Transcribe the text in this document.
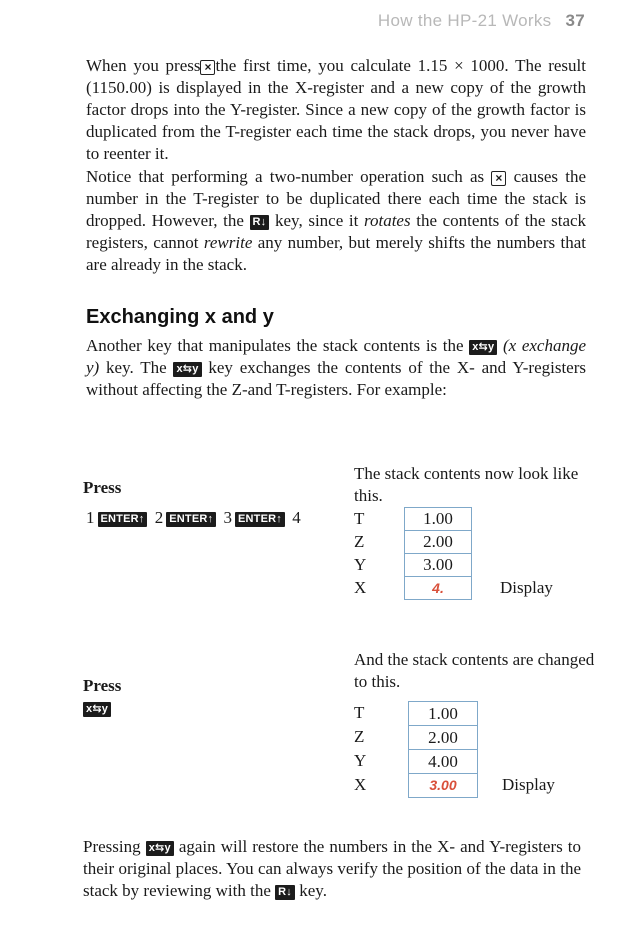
How the HP-21 Works 37

When you press × the first time, you calculate 1.15 × 1000. The result (1150.00) is displayed in the X-register and a new copy of the growth factor drops into the Y-register. Since a new copy of the growth factor is duplicated from the T-register each time the stack drops, you never have to reenter it.

Notice that performing a two-number operation such as × causes the number in the T-register to be duplicated there each time the stack is dropped. However, the R↓ key, since it rotates the contents of the stack registers, cannot rewrite any number, but merely shifts the numbers that are already in the stack.

Exchanging x and y

Another key that manipulates the stack contents is the x⇆y (x exchange y) key. The x⇆y key exchanges the contents of the X- and Y-registers without affecting the Z-and T-registers. For example:

Press

1 ENTER↑ 2 ENTER↑ 3 ENTER↑ 4

The stack contents now look like this.

T	1.00
Z	2.00
Y	3.00
X	4.	Display

Press

x⇆y

And the stack contents are changed to this.

T	1.00
Z	2.00
Y	4.00
X	3.00	Display

Pressing x⇆y again will restore the numbers in the X- and Y-registers to their original places. You can always verify the position of the data in the stack by reviewing with the R↓ key.
